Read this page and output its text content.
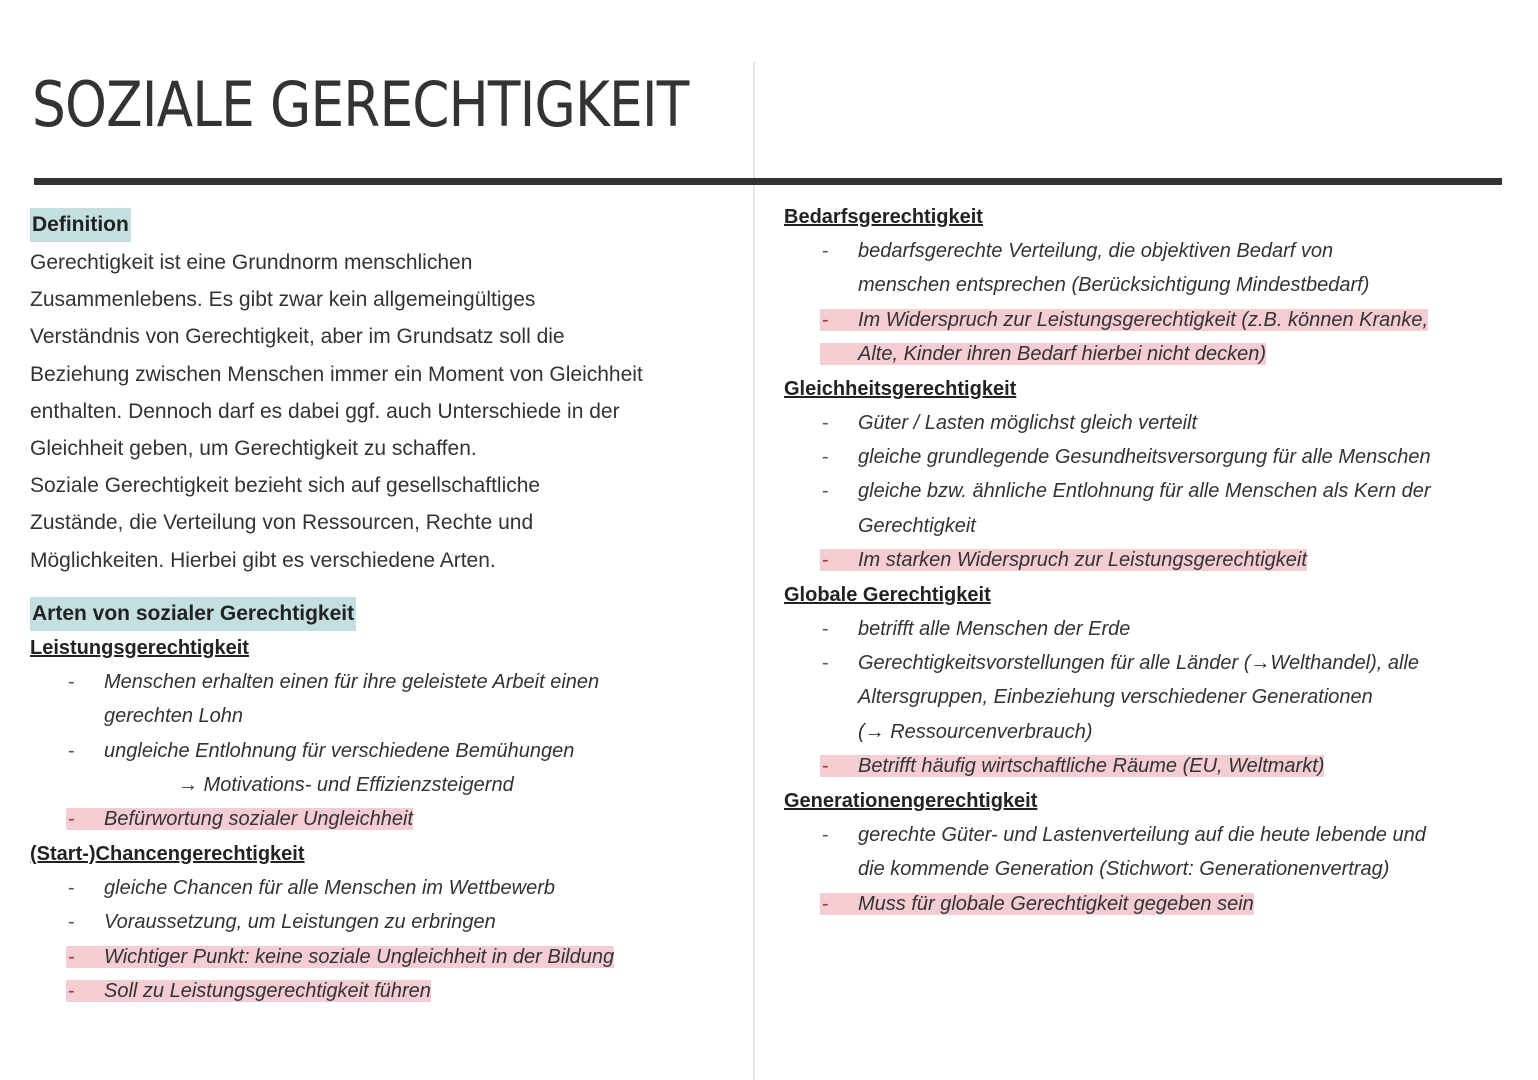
SOZIALE GERECHTIGKEIT
Definition
Gerechtigkeit ist eine Grundnorm menschlichen
Zusammenlebens. Es gibt zwar kein allgemeingültiges
Verständnis von Gerechtigkeit, aber im Grundsatz soll die
Beziehung zwischen Menschen immer ein Moment von Gleichheit
enthalten. Dennoch darf es dabei ggf. auch Unterschiede in der
Gleichheit geben, um Gerechtigkeit zu schaffen.
Soziale Gerechtigkeit bezieht sich auf gesellschaftliche
Zustände, die Verteilung von Ressourcen, Rechte und
Möglichkeiten. Hierbei gibt es verschiedene Arten.
Arten von sozialer Gerechtigkeit
Leistungsgerechtigkeit
- Menschen erhalten einen für ihre geleistete Arbeit einen
gerechten Lohn
- ungleiche Entlohnung für verschiedene Bemühungen
→ Motivations- und Effizienzsteigernd
- Befürwortung sozialer Ungleichheit
(Start-)Chancengerechtigkeit
- gleiche Chancen für alle Menschen im Wettbewerb
- Voraussetzung, um Leistungen zu erbringen
- Wichtiger Punkt: keine soziale Ungleichheit in der Bildung
- Soll zu Leistungsgerechtigkeit führen
Bedarfsgerechtigkeit
- bedarfsgerechte Verteilung, die objektiven Bedarf von
menschen entsprechen (Berücksichtigung Mindestbedarf)
- Im Widerspruch zur Leistungsgerechtigkeit (z.B. können Kranke,
Alte, Kinder ihren Bedarf hierbei nicht decken)
Gleichheitsgerechtigkeit
- Güter / Lasten möglichst gleich verteilt
- gleiche grundlegende Gesundheitsversorgung für alle Menschen
- gleiche bzw. ähnliche Entlohnung für alle Menschen als Kern der
Gerechtigkeit
- Im starken Widerspruch zur Leistungsgerechtigkeit
Globale Gerechtigkeit
- betrifft alle Menschen der Erde
- Gerechtigkeitsvorstellungen für alle Länder (→Welthandel), alle
Altersgruppen, Einbeziehung verschiedener Generationen
(→ Ressourcenverbrauch)
- Betrifft häufig wirtschaftliche Räume (EU, Weltmarkt)
Generationengerechtigkeit
- gerechte Güter- und Lastenverteilung auf die heute lebende und
die kommende Generation (Stichwort: Generationenvertrag)
- Muss für globale Gerechtigkeit gegeben sein
